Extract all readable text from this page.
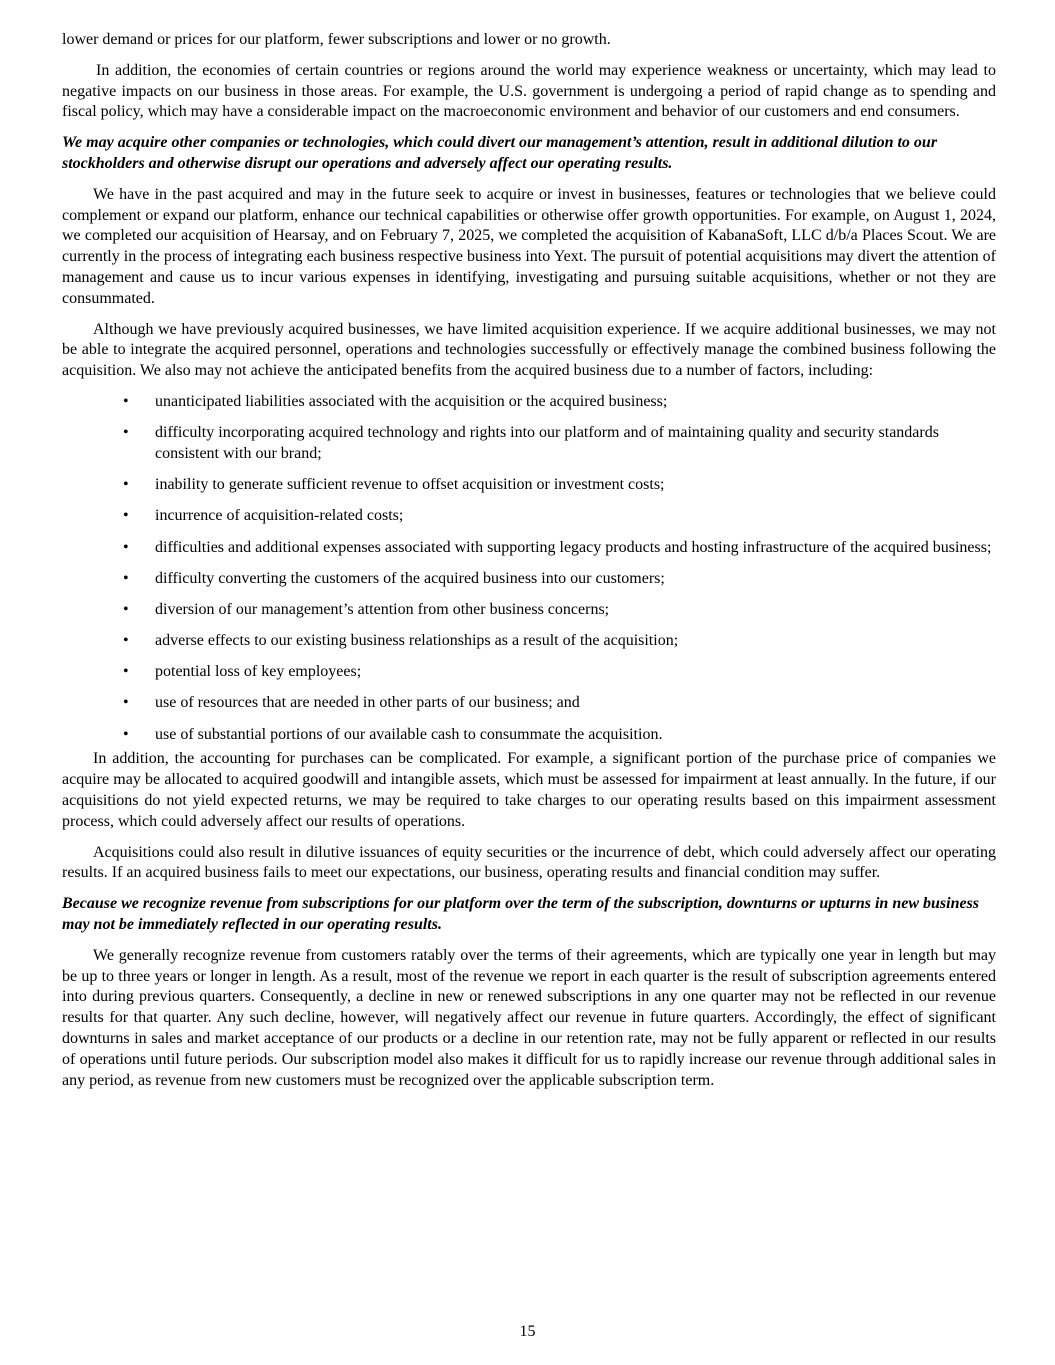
lower demand or prices for our platform, fewer subscriptions and lower or no growth.

In addition, the economies of certain countries or regions around the world may experience weakness or uncertainty, which may lead to negative impacts on our business in those areas. For example, the U.S. government is undergoing a period of rapid change as to spending and fiscal policy, which may have a considerable impact on the macroeconomic environment and behavior of our customers and end consumers.

We may acquire other companies or technologies, which could divert our management’s attention, result in additional dilution to our stockholders and otherwise disrupt our operations and adversely affect our operating results.

We have in the past acquired and may in the future seek to acquire or invest in businesses, features or technologies that we believe could complement or expand our platform, enhance our technical capabilities or otherwise offer growth opportunities. For example, on August 1, 2024, we completed our acquisition of Hearsay, and on February 7, 2025, we completed the acquisition of KabanaSoft, LLC d/b/a Places Scout. We are currently in the process of integrating each business respective business into Yext. The pursuit of potential acquisitions may divert the attention of management and cause us to incur various expenses in identifying, investigating and pursuing suitable acquisitions, whether or not they are consummated.

Although we have previously acquired businesses, we have limited acquisition experience. If we acquire additional businesses, we may not be able to integrate the acquired personnel, operations and technologies successfully or effectively manage the combined business following the acquisition. We also may not achieve the anticipated benefits from the acquired business due to a number of factors, including:

• unanticipated liabilities associated with the acquisition or the acquired business;
• difficulty incorporating acquired technology and rights into our platform and of maintaining quality and security standards consistent with our brand;
• inability to generate sufficient revenue to offset acquisition or investment costs;
• incurrence of acquisition-related costs;
• difficulties and additional expenses associated with supporting legacy products and hosting infrastructure of the acquired business;
• difficulty converting the customers of the acquired business into our customers;
• diversion of our management’s attention from other business concerns;
• adverse effects to our existing business relationships as a result of the acquisition;
• potential loss of key employees;
• use of resources that are needed in other parts of our business; and
• use of substantial portions of our available cash to consummate the acquisition.

In addition, the accounting for purchases can be complicated. For example, a significant portion of the purchase price of companies we acquire may be allocated to acquired goodwill and intangible assets, which must be assessed for impairment at least annually. In the future, if our acquisitions do not yield expected returns, we may be required to take charges to our operating results based on this impairment assessment process, which could adversely affect our results of operations.

Acquisitions could also result in dilutive issuances of equity securities or the incurrence of debt, which could adversely affect our operating results. If an acquired business fails to meet our expectations, our business, operating results and financial condition may suffer.

Because we recognize revenue from subscriptions for our platform over the term of the subscription, downturns or upturns in new business may not be immediately reflected in our operating results.

We generally recognize revenue from customers ratably over the terms of their agreements, which are typically one year in length but may be up to three years or longer in length. As a result, most of the revenue we report in each quarter is the result of subscription agreements entered into during previous quarters. Consequently, a decline in new or renewed subscriptions in any one quarter may not be reflected in our revenue results for that quarter. Any such decline, however, will negatively affect our revenue in future quarters. Accordingly, the effect of significant downturns in sales and market acceptance of our products or a decline in our retention rate, may not be fully apparent or reflected in our results of operations until future periods. Our subscription model also makes it difficult for us to rapidly increase our revenue through additional sales in any period, as revenue from new customers must be recognized over the applicable subscription term.

15
